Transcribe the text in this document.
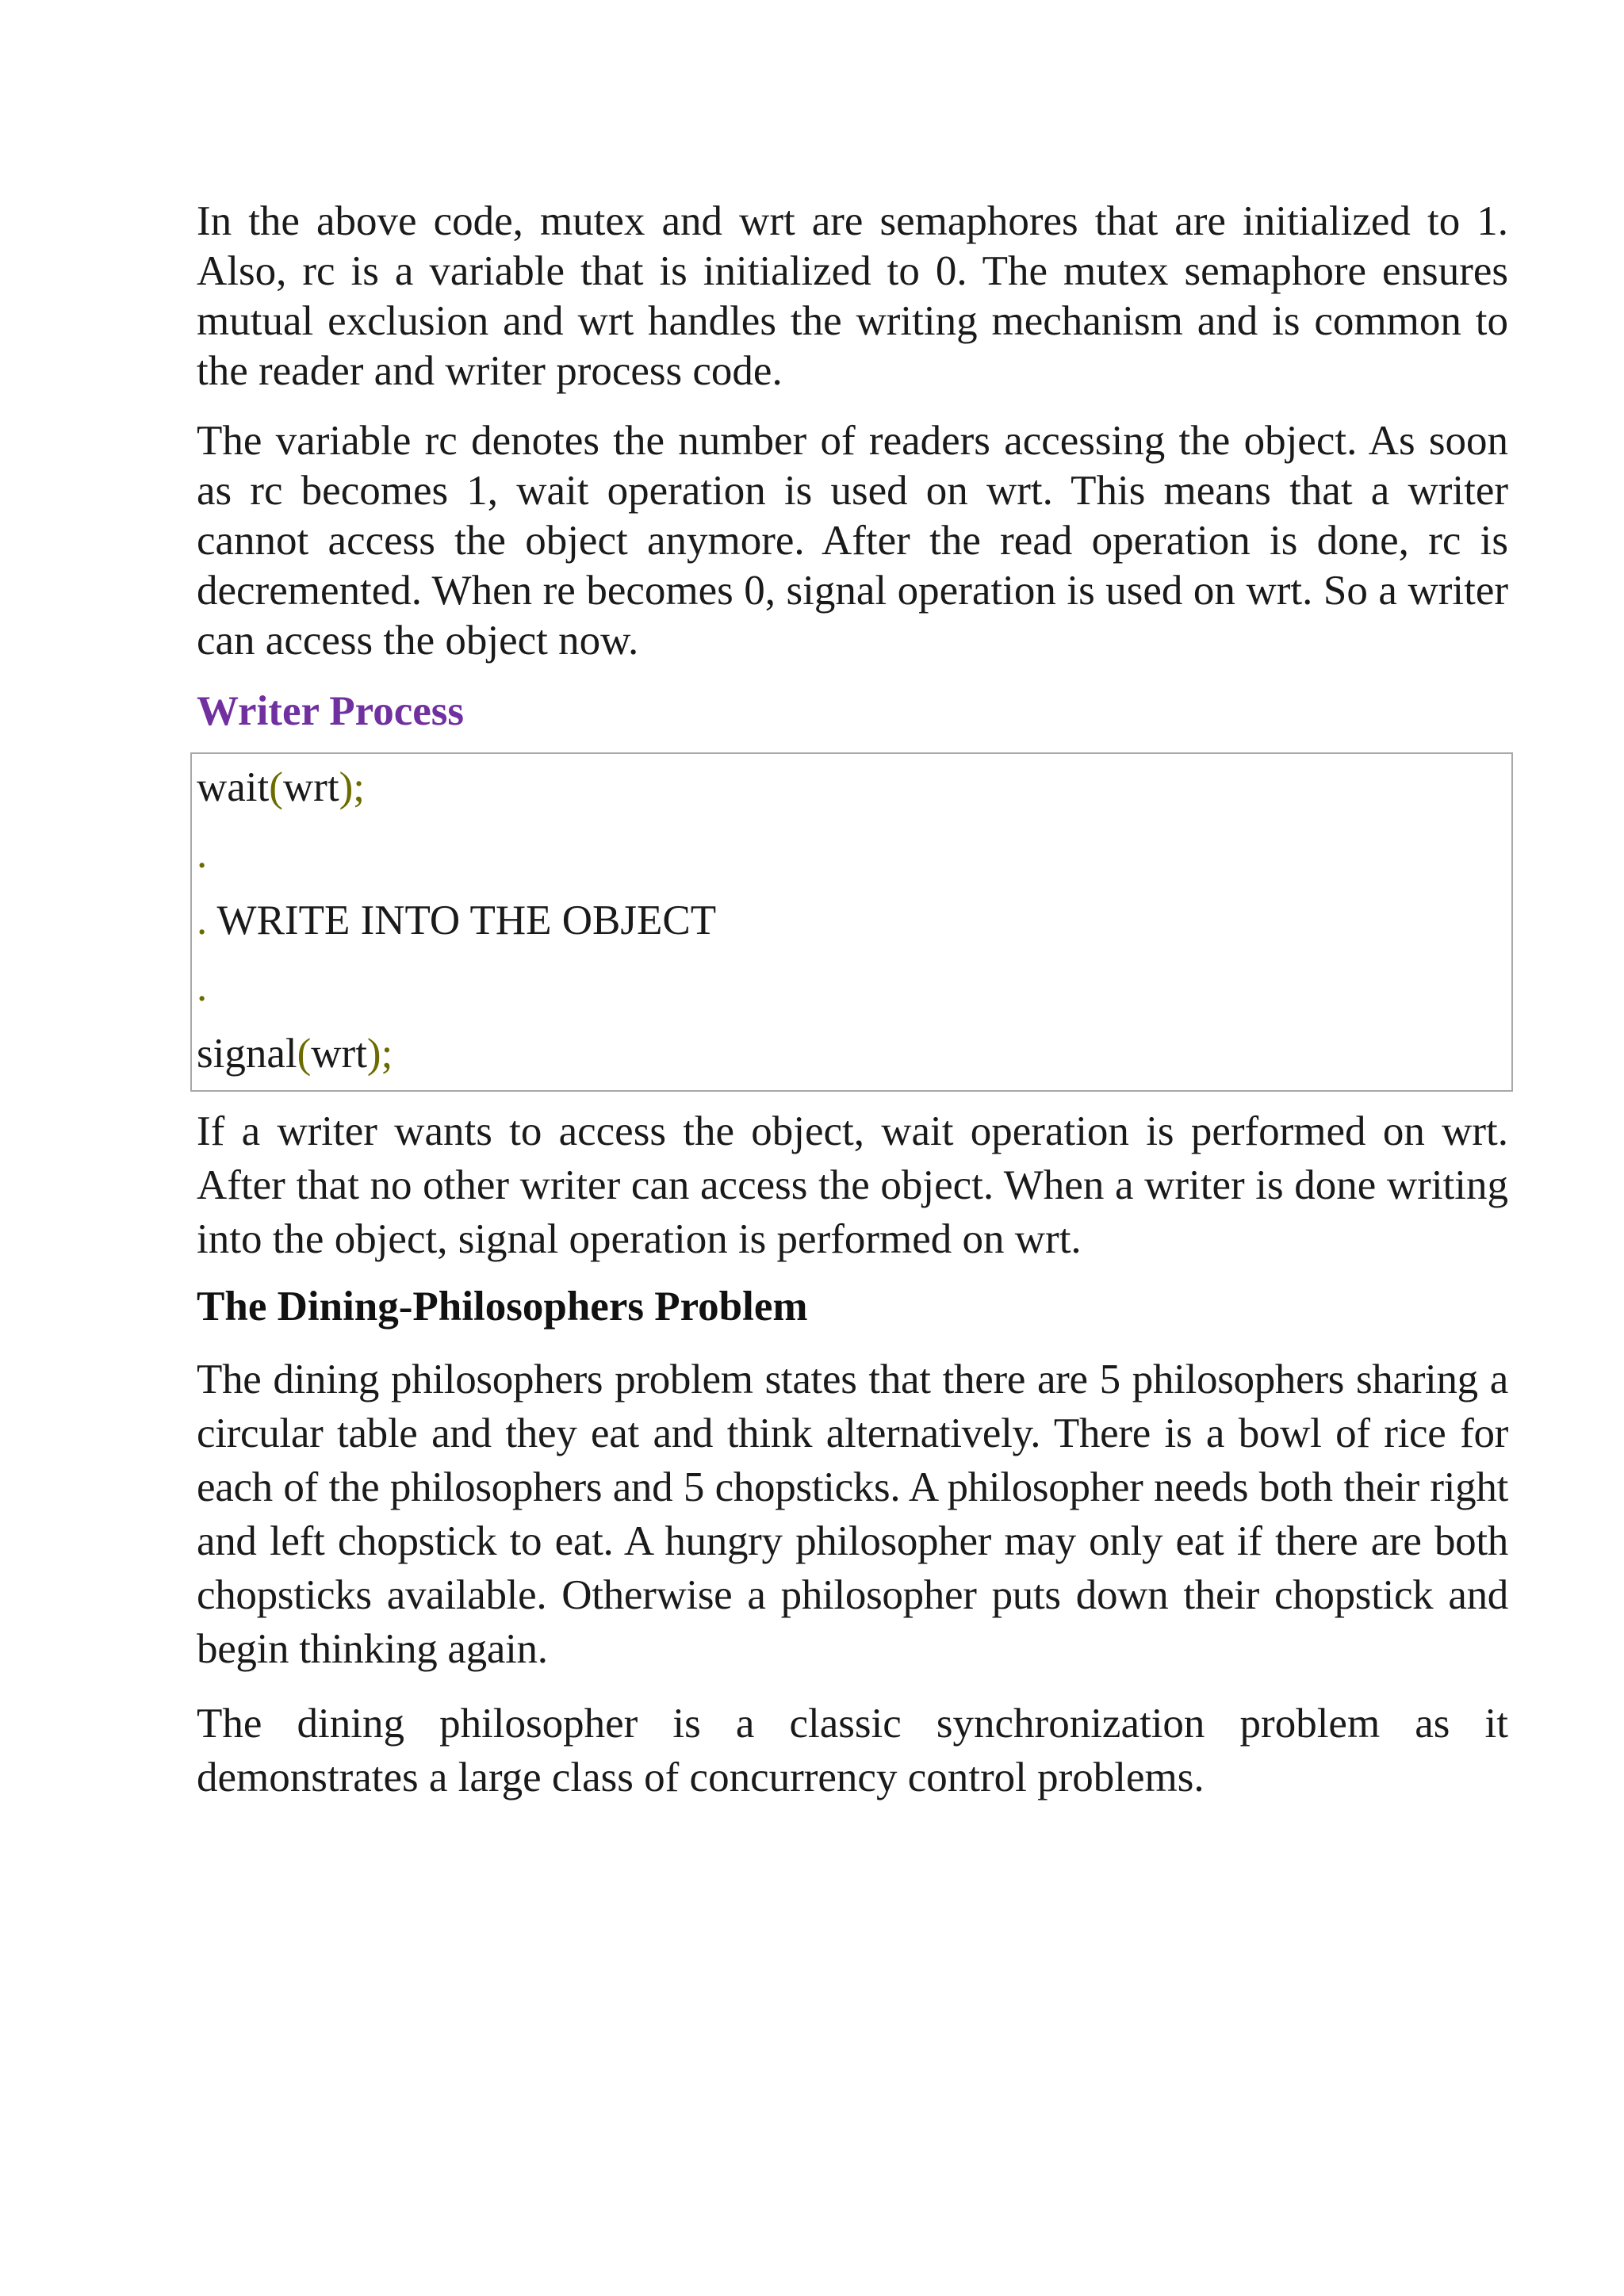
In the above code, mutex and wrt are semaphores that are initialized to 1. Also, rc is a variable that is initialized to 0. The mutex semaphore ensures mutual exclusion and wrt handles the writing mechanism and is common to the reader and writer process code.

The variable rc denotes the number of readers accessing the object. As soon as rc becomes 1, wait operation is used on wrt. This means that a writer cannot access the object anymore. After the read operation is done, rc is decremented. When re becomes 0, signal operation is used on wrt. So a writer can access the object now.

Writer Process
wait(wrt);
.
. WRITE INTO THE OBJECT
.
signal(wrt);

If a writer wants to access the object, wait operation is performed on wrt. After that no other writer can access the object. When a writer is done writing into the object, signal operation is performed on wrt.

The Dining-Philosophers Problem

The dining philosophers problem states that there are 5 philosophers sharing a circular table and they eat and think alternatively. There is a bowl of rice for each of the philosophers and 5 chopsticks. A philosopher needs both their right and left chopstick to eat. A hungry philosopher may only eat if there are both chopsticks available. Otherwise a philosopher puts down their chopstick and begin thinking again.

The dining philosopher is a classic synchronization problem as it demonstrates a large class of concurrency control problems.
